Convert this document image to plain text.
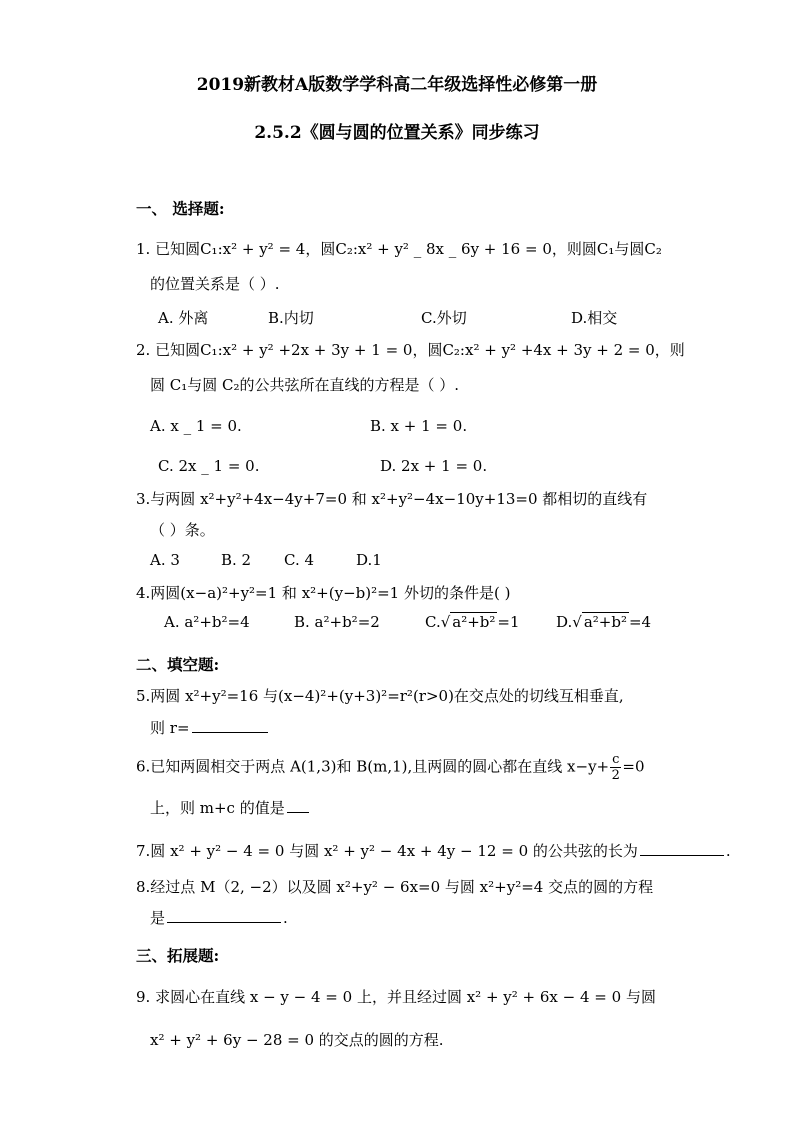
2019新教材A版数学学科高二年级选择性必修第一册
2.5.2《圆与圆的位置关系》同步练习
一、 选择题:
1. 已知圆C₁:x² + y² = 4，圆C₂:x² + y² _ 8x _ 6y + 16 = 0，则圆C₁与圆C₂
的位置关系是（ ）.
A. 外离	B.内切	C.外切	D.相交
2. 已知圆C₁:x² + y² +2x + 3y + 1 = 0，圆C₂:x² + y² +4x + 3y + 2 = 0，则
圆 C₁与圆 C₂的公共弦所在直线的方程是（ ）.
A. x _ 1 = 0.	B. x + 1 = 0.
C. 2x _ 1 = 0.	D. 2x + 1 = 0.
3.与两圆 x²+y²+4x−4y+7=0 和 x²+y²−4x−10y+13=0 都相切的直线有
（ ）条。
A. 3	B. 2 C. 4	D.1
4.两圆(x−a)²+y²=1 和 x²+(y−b)²=1 外切的条件是( )
A. a²+b²=4	B. a²+b²=2	C.√ a²+b² =1 D.√ a²+b² =4
二、填空题:
5.两圆 x²+y²=16 与(x−4)²+(y+3)²=r²(r>0)在交点处的切线互相垂直,
则 r=
6.已知两圆相交于两点 A(1,3)和 B(m,1),且两圆的圆心都在直线 $x-y+ \frac{c}{2} =0$
上，则 m+c 的值是
7.圆 x² + y² − 4 = 0 与圆 x² + y² − 4x + 4y − 12 = 0 的公共弦的长为	.
8.经过点 M（2, −2）以及圆 x²+y² − 6x=0 与圆 x²+y²=4 交点的圆的方程
是	.
三、拓展题:
9. 求圆心在直线 x − y − 4 = 0 上，并且经过圆 x² + y² + 6x − 4 = 0 与圆
x² + y² + 6y − 28 = 0 的交点的圆的方程.
